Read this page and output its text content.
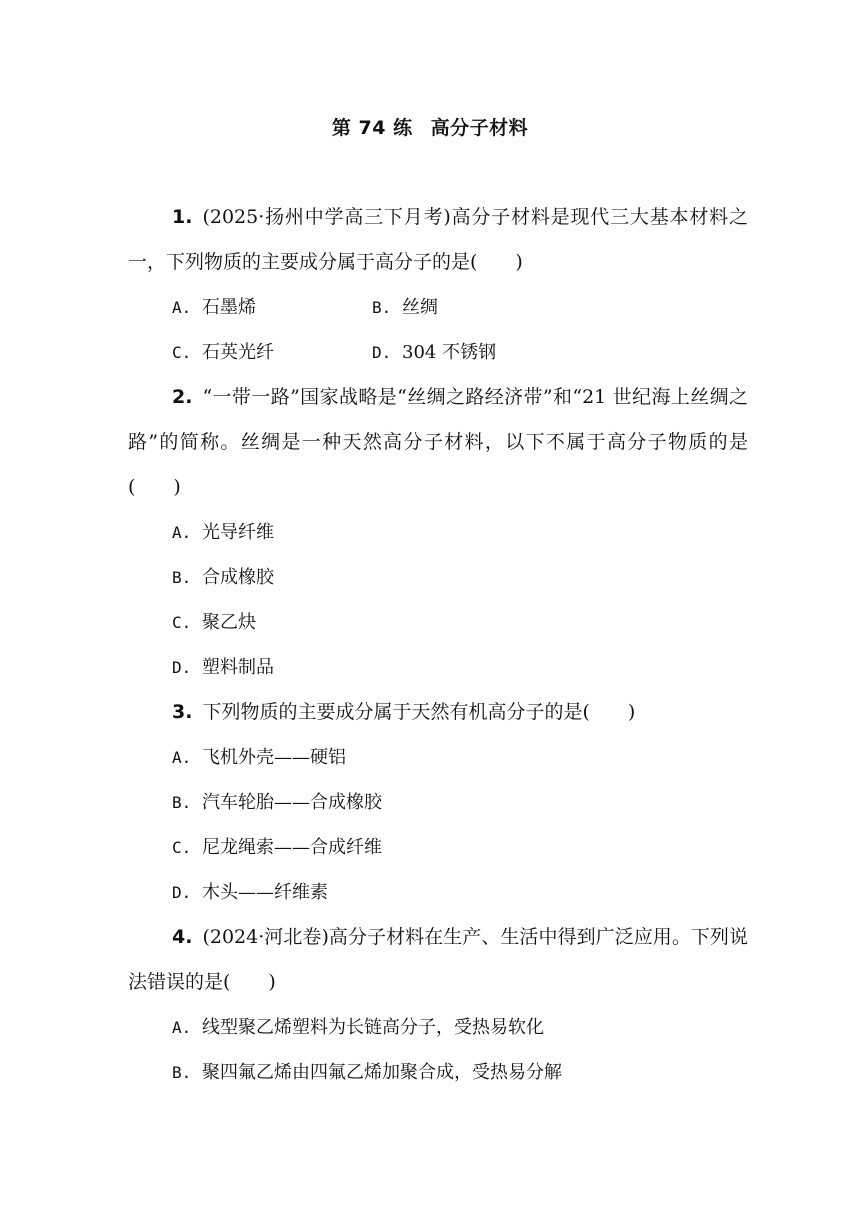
第 74 练 高分子材料

1. (2025·扬州中学高三下月考)高分子材料是现代三大基本材料之一，下列物质的主要成分属于高分子的是(　　)

A. 石墨烯	B. 丝绸
C. 石英光纤	D. 304 不锈钢

2. “一带一路”国家战略是“丝绸之路经济带”和“21 世纪海上丝绸之路”的简称。丝绸是一种天然高分子材料，以下不属于高分子物质的是(　　)

A. 光导纤维
B. 合成橡胶
C. 聚乙炔
D. 塑料制品

3. 下列物质的主要成分属于天然有机高分子的是(　　)

A. 飞机外壳——硬铝
B. 汽车轮胎——合成橡胶
C. 尼龙绳索——合成纤维
D. 木头——纤维素

4. (2024·河北卷)高分子材料在生产、生活中得到广泛应用。下列说法错误的是(　　)

A. 线型聚乙烯塑料为长链高分子，受热易软化
B. 聚四氟乙烯由四氟乙烯加聚合成，受热易分解
